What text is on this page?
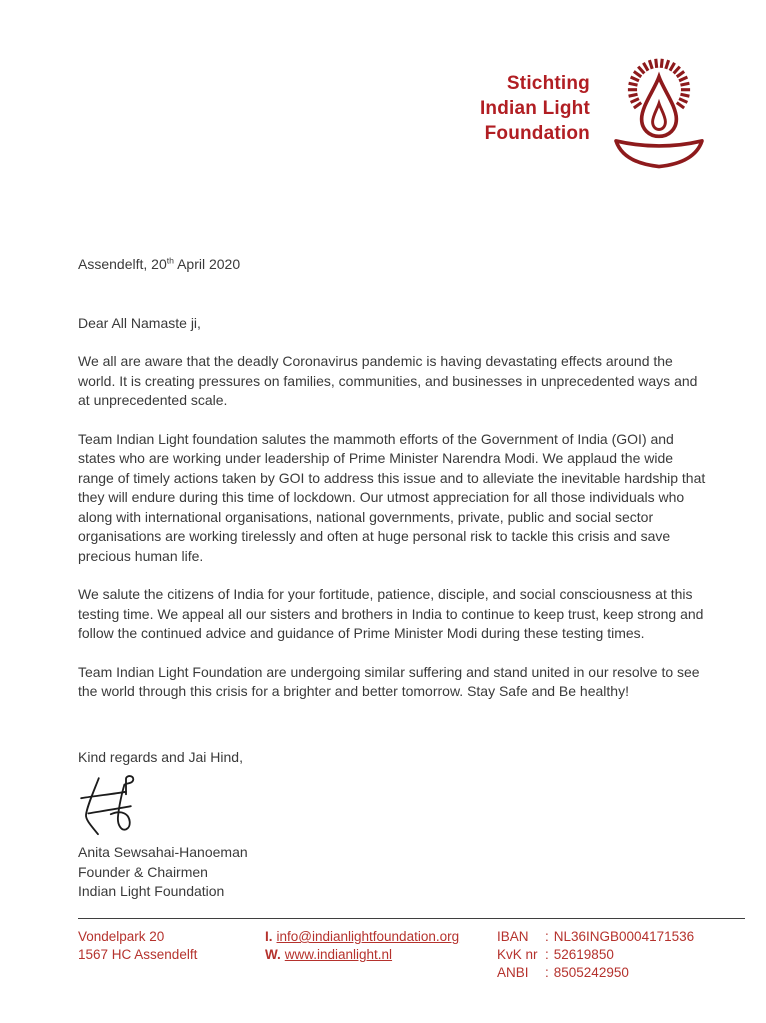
Stichting
Indian Light
Foundation

Assendelft, 20th April 2020

Dear All Namaste ji,

We all are aware that the deadly Coronavirus pandemic is having devastating effects around the world. It is creating pressures on families, communities, and businesses in unprecedented ways and at unprecedented scale.

Team Indian Light foundation salutes the mammoth efforts of the Government of India (GOI) and states who are working under leadership of Prime Minister Narendra Modi. We applaud the wide range of timely actions taken by GOI to address this issue and to alleviate the inevitable hardship that they will endure during this time of lockdown. Our utmost appreciation for all those individuals who along with international organisations, national governments, private, public and social sector organisations are working tirelessly and often at huge personal risk to tackle this crisis and save precious human life.

We salute the citizens of India for your fortitude, patience, disciple, and social consciousness at this testing time. We appeal all our sisters and brothers in India to continue to keep trust, keep strong and follow the continued advice and guidance of Prime Minister Modi during these testing times.

Team Indian Light Foundation are undergoing similar suffering and stand united in our resolve to see the world through this crisis for a brighter and better tomorrow. Stay Safe and Be healthy!

Kind regards and Jai Hind,

Anita Sewsahai-Hanoeman
Founder & Chairmen
Indian Light Foundation
Vondelpark 20
1567 HC Assendelft
I. info@indianlightfoundation.org
W. www.indianlight.nl
IBAN	: NL36INGB0004171536
KvK nr : 52619850
ANBI	: 8505242950
